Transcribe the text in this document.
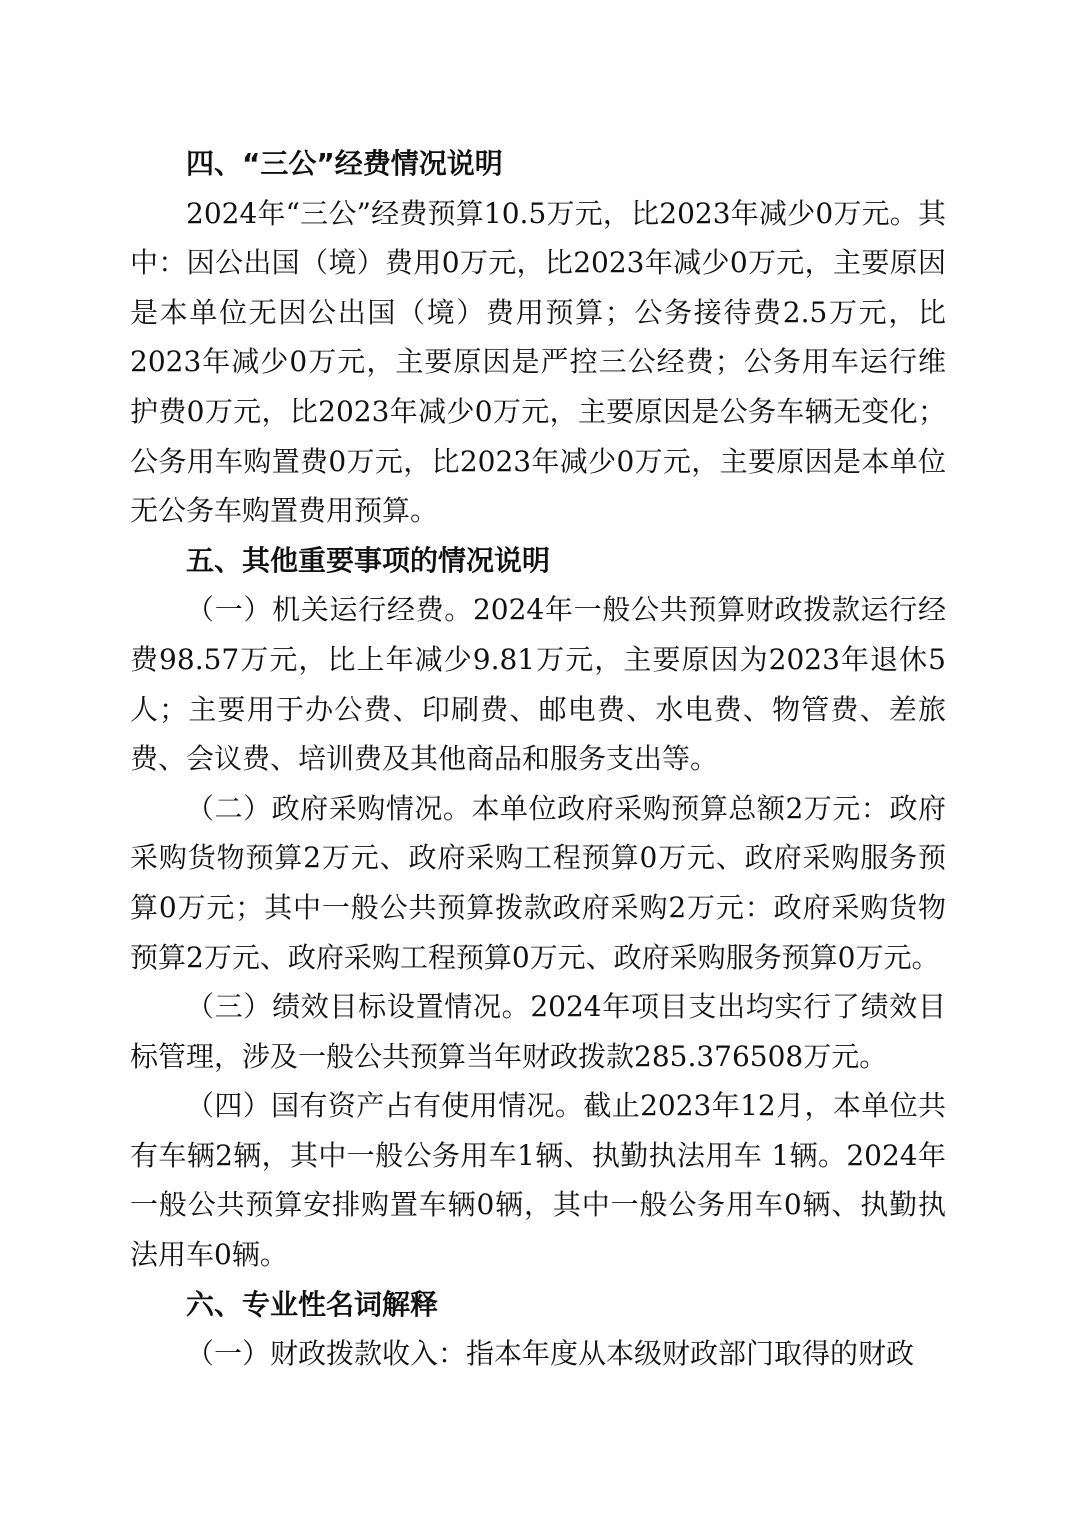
四、“三公”经费情况说明

2024年“三公”经费预算10.5万元，比2023年减少0万元。其中：因公出国（境）费用0万元，比2023年减少0万元，主要原因是本单位无因公出国（境）费用预算；公务接待费2.5万元，比2023年减少0万元，主要原因是严控三公经费；公务用车运行维护费0万元，比2023年减少0万元，主要原因是公务车辆无变化；公务用车购置费0万元，比2023年减少0万元，主要原因是本单位无公务车购置费用预算。

五、其他重要事项的情况说明

（一）机关运行经费。2024年一般公共预算财政拨款运行经费98.57万元，比上年减少9.81万元，主要原因为2023年退休5人；主要用于办公费、印刷费、邮电费、水电费、物管费、差旅费、会议费、培训费及其他商品和服务支出等。

（二）政府采购情况。本单位政府采购预算总额2万元：政府采购货物预算2万元、政府采购工程预算0万元、政府采购服务预算0万元；其中一般公共预算拨款政府采购2万元：政府采购货物预算2万元、政府采购工程预算0万元、政府采购服务预算0万元。

（三）绩效目标设置情况。2024年项目支出均实行了绩效目标管理，涉及一般公共预算当年财政拨款285.376508万元。

（四）国有资产占有使用情况。截止2023年12月，本单位共有车辆2辆，其中一般公务用车1辆、执勤执法用车 1辆。2024年一般公共预算安排购置车辆0辆，其中一般公务用车0辆、执勤执法用车0辆。

六、专业性名词解释

（一）财政拨款收入：指本年度从本级财政部门取得的财政
